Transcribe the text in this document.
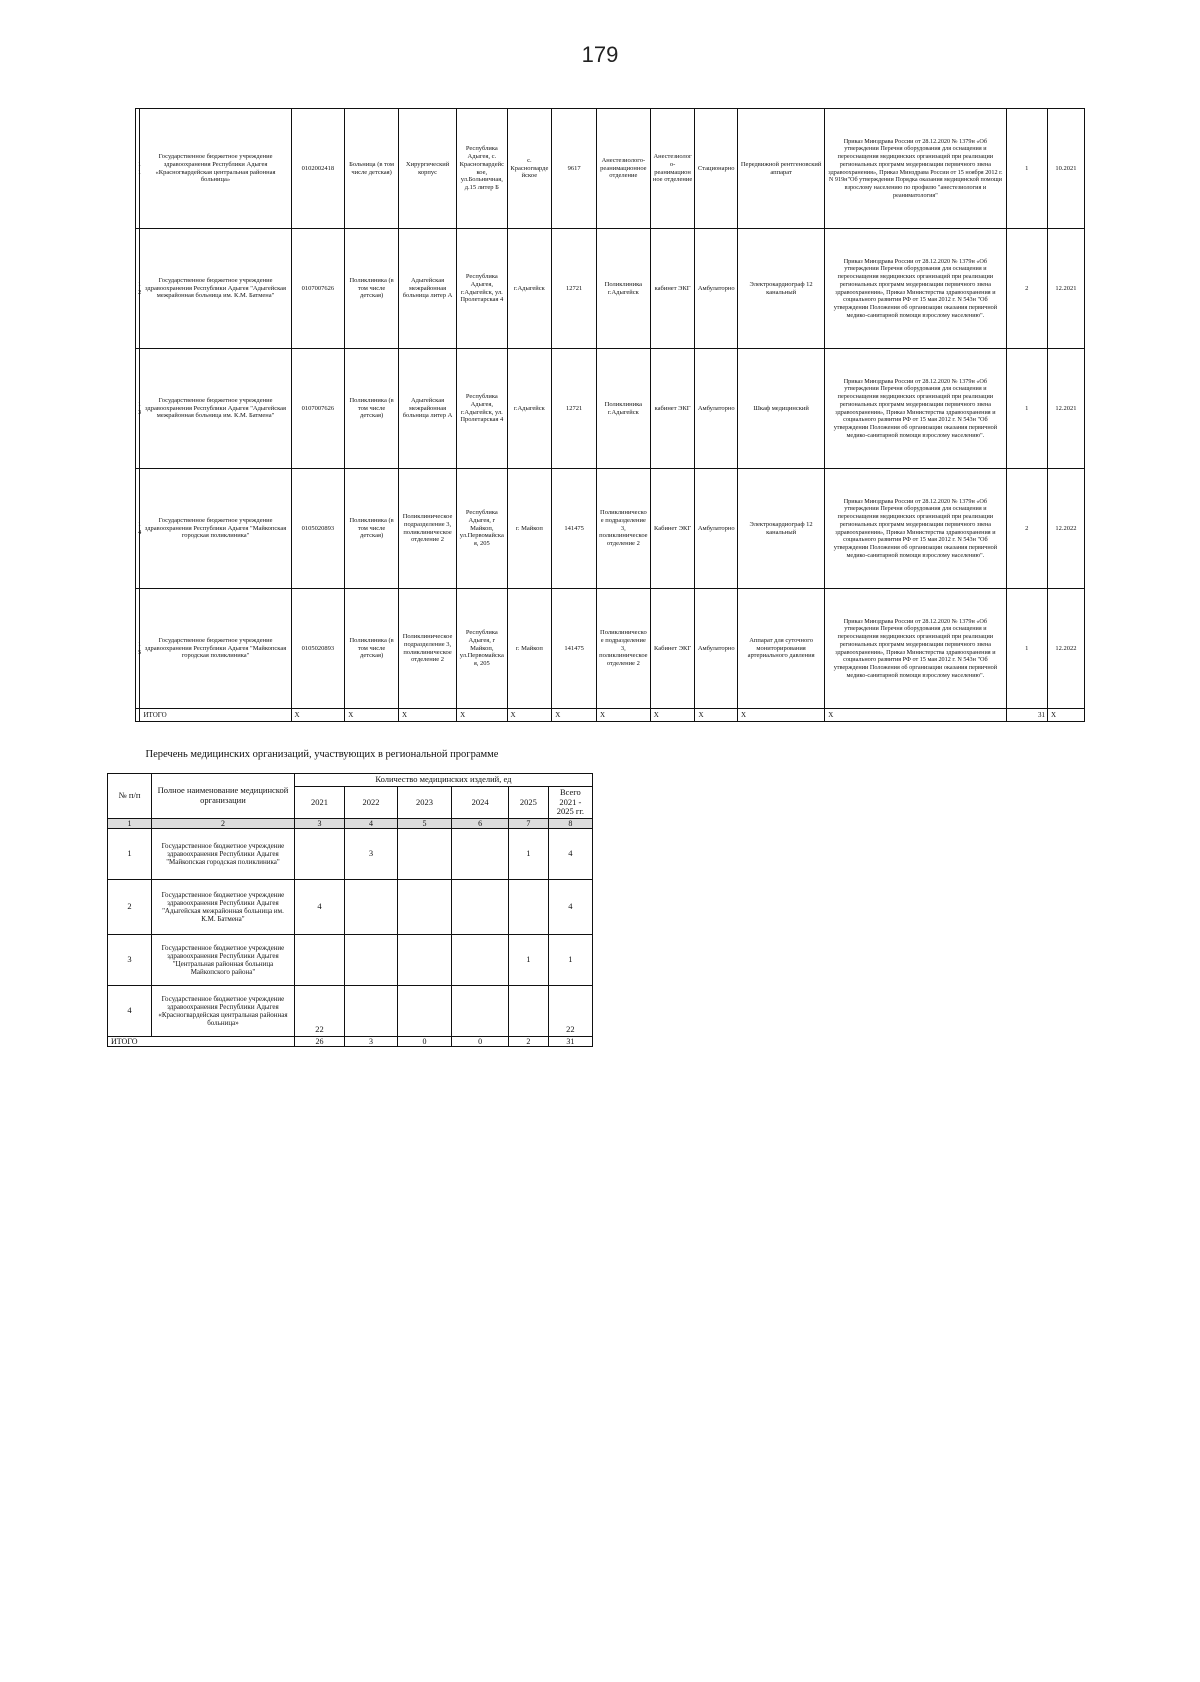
179
11	Государственное бюджетное учреждение здравоохранения Республики Адыгея «Красногвардейская центральная районная больница»	0102002418	Больница (в том числе детская)	Хирургический корпус	Республика Адыгея, с. Красногвардейское, ул.Больничная, д.15 литер Б	с. Красногвардейское	9617	Анестезиолого-реанимационное отделение	Анестезиолого-реанимационное отделение	Стационарно	Передвижной рентгеновский аппарат	Приказ Минздрава России от 28.12.2020 № 1379н «Об утверждении Перечня оборудования для оснащения и переоснащения медицинских организаций при реализации региональных программ модернизации первичного звена здравоохранения», Приказ Минздрава России от 15 ноября 2012 г. N 919н"Об утверждении Порядка оказания медицинской помощи взрослому населению по профилю "анестезиология и реаниматология"	1	10.2021
12	Государственное бюджетное учреждение здравоохранения Республики Адыгея "Адыгейская межрайонная больница им. К.М. Батмена"	0107007626	Поликлиника (в том числе детская)	Адыгейская межрайонная больница литер А	Республика Адыгея, г.Адыгейск, ул. Пролетарская 4	г.Адыгейск	12721	Поликлиника г.Адыгейск	кабинет ЭКГ	Амбулаторно	Электрокардиограф 12 канальный	Приказ Минздрава России от 28.12.2020 № 1379н «Об утверждении Перечня оборудования для оснащения и переоснащения медицинских организаций при реализации региональных программ модернизации первичного звена здравоохранения», Приказ Министерства здравоохранения и социального развития РФ от 15 мая 2012 г. N 543н "Об утверждении Положения об организации оказания первичной медико-санитарной помощи взрослому населению".	2	12.2021
13	Государственное бюджетное учреждение здравоохранения Республики Адыгея "Адыгейская межрайонная больница им. К.М. Батмена"	0107007626	Поликлиника (в том числе детская)	Адыгейская межрайонная больница литер А	Республика Адыгея, г.Адыгейск, ул. Пролетарская 4	г.Адыгейск	12721	Поликлиника г.Адыгейск	кабинет ЭКГ	Амбулаторно	Шкаф медицинский	Приказ Минздрава России от 28.12.2020 № 1379н «Об утверждении Перечня оборудования для оснащения и переоснащения медицинских организаций при реализации региональных программ модернизации первичного звена здравоохранения», Приказ Министерства здравоохранения и социального развития РФ от 15 мая 2012 г. N 543н "Об утверждении Положения об организации оказания первичной медико-санитарной помощи взрослому населению".	1	12.2021
14	Государственное бюджетное учреждение здравоохранения Республики Адыгея "Майкопская городская поликлиника"	0105020893	Поликлиника (в том числе детская)	Поликлиническое подразделение 3, поликлиническое отделение 2	Республика Адыгея, г Майкоп, ул.Первомайская, 205	г. Майкоп	141475	Поликлиническое подразделение 3, поликлиническое отделение 2	Кабинет ЭКГ	Амбулаторно	Электрокардиограф 12 канальный	Приказ Минздрава России от 28.12.2020 № 1379н «Об утверждении Перечня оборудования для оснащения и переоснащения медицинских организаций при реализации региональных программ модернизации первичного звена здравоохранения», Приказ Министерства здравоохранения и социального развития РФ от 15 мая 2012 г. N 543н "Об утверждении Положения об организации оказания первичной медико-санитарной помощи взрослому населению".	2	12.2022
15	Государственное бюджетное учреждение здравоохранения Республики Адыгея "Майкопская городская поликлиника"	0105020893	Поликлиника (в том числе детская)	Поликлиническое подразделение 3, поликлиническое отделение 2	Республика Адыгея, г Майкоп, ул.Первомайская, 205	г. Майкоп	141475	Поликлиническое подразделение 3, поликлиническое отделение 2	Кабинет ЭКГ	Амбулаторно	Аппарат для суточного мониторирования артериального давления	Приказ Минздрава России от 28.12.2020 № 1379н «Об утверждении Перечня оборудования для оснащения и переоснащения медицинских организаций при реализации региональных программ модернизации первичного звена здравоохранения», Приказ Министерства здравоохранения и социального развития РФ от 15 мая 2012 г. N 543н "Об утверждении Положения об организации оказания первичной медико-санитарной помощи взрослому населению".	1	12.2022
	ИТОГО	X	X	X	X	X	X	X	X	X	X	X	31	X
Перечень медицинских организаций, участвующих в региональной программе
№ п/п	Полное наименование медицинской организации	Количество медицинских изделий, ед					
		2021	2022	2023	2024	2025	Всего 2021 - 2025 гг.
1	2	3	4	5	6	7	8
1	Государственное бюджетное учреждение здравоохранения Республики Адыгея "Майкопская городская поликлиника"		3			1	4
2	Государственное бюджетное учреждение здравоохранения Республики Адыгея "Адыгейская межрайонная больница им. К.М. Батмена"	4					4
3	Государственное бюджетное учреждение здравоохранения Республики Адыгея "Центральная районная больница Майкопского района"					1	1
4	Государственное бюджетное учреждение здравоохранения Республики Адыгея «Красногвардейская центральная районная больница»	22					22
ИТОГО		26	3	0	0	2	31
